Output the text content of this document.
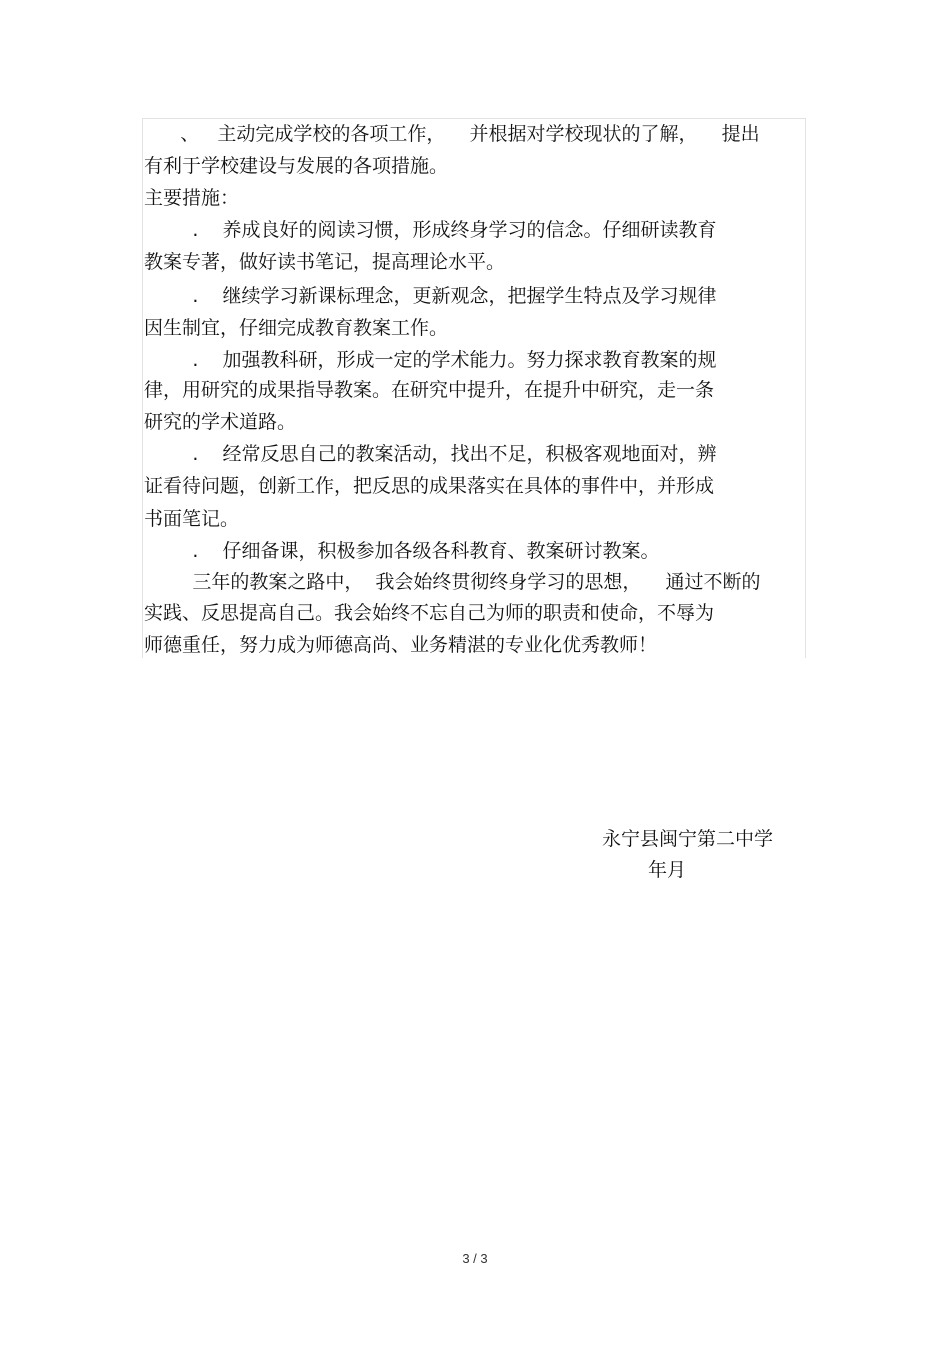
、   主动完成学校的各项工作，    并根据对学校现状的了解，    提出

有利于学校建设与发展的各项措施。

主要措施：

.    养成良好的阅读习惯，形成终身学习的信念。仔细研读教育

教案专著，做好读书笔记，提高理论水平。

.    继续学习新课标理念，更新观念，把握学生特点及学习规律

因生制宜，仔细完成教育教案工作。

.    加强教科研，形成一定的学术能力。努力探求教育教案的规

律，用研究的成果指导教案。在研究中提升，在提升中研究，走一条

研究的学术道路。

.    经常反思自己的教案活动，找出不足，积极客观地面对，辨

证看待问题，创新工作，把反思的成果落实在具体的事件中，并形成

书面笔记。

.    仔细备课，积极参加各级各科教育、教案研讨教案。

三年的教案之路中，  我会始终贯彻终身学习的思想，    通过不断的

实践、反思提高自己。我会始终不忘自己为师的职责和使命，不辱为

师德重任，努力成为师德高尚、业务精湛的专业化优秀教师！

永宁县闽宁第二中学

年月

3 / 3
